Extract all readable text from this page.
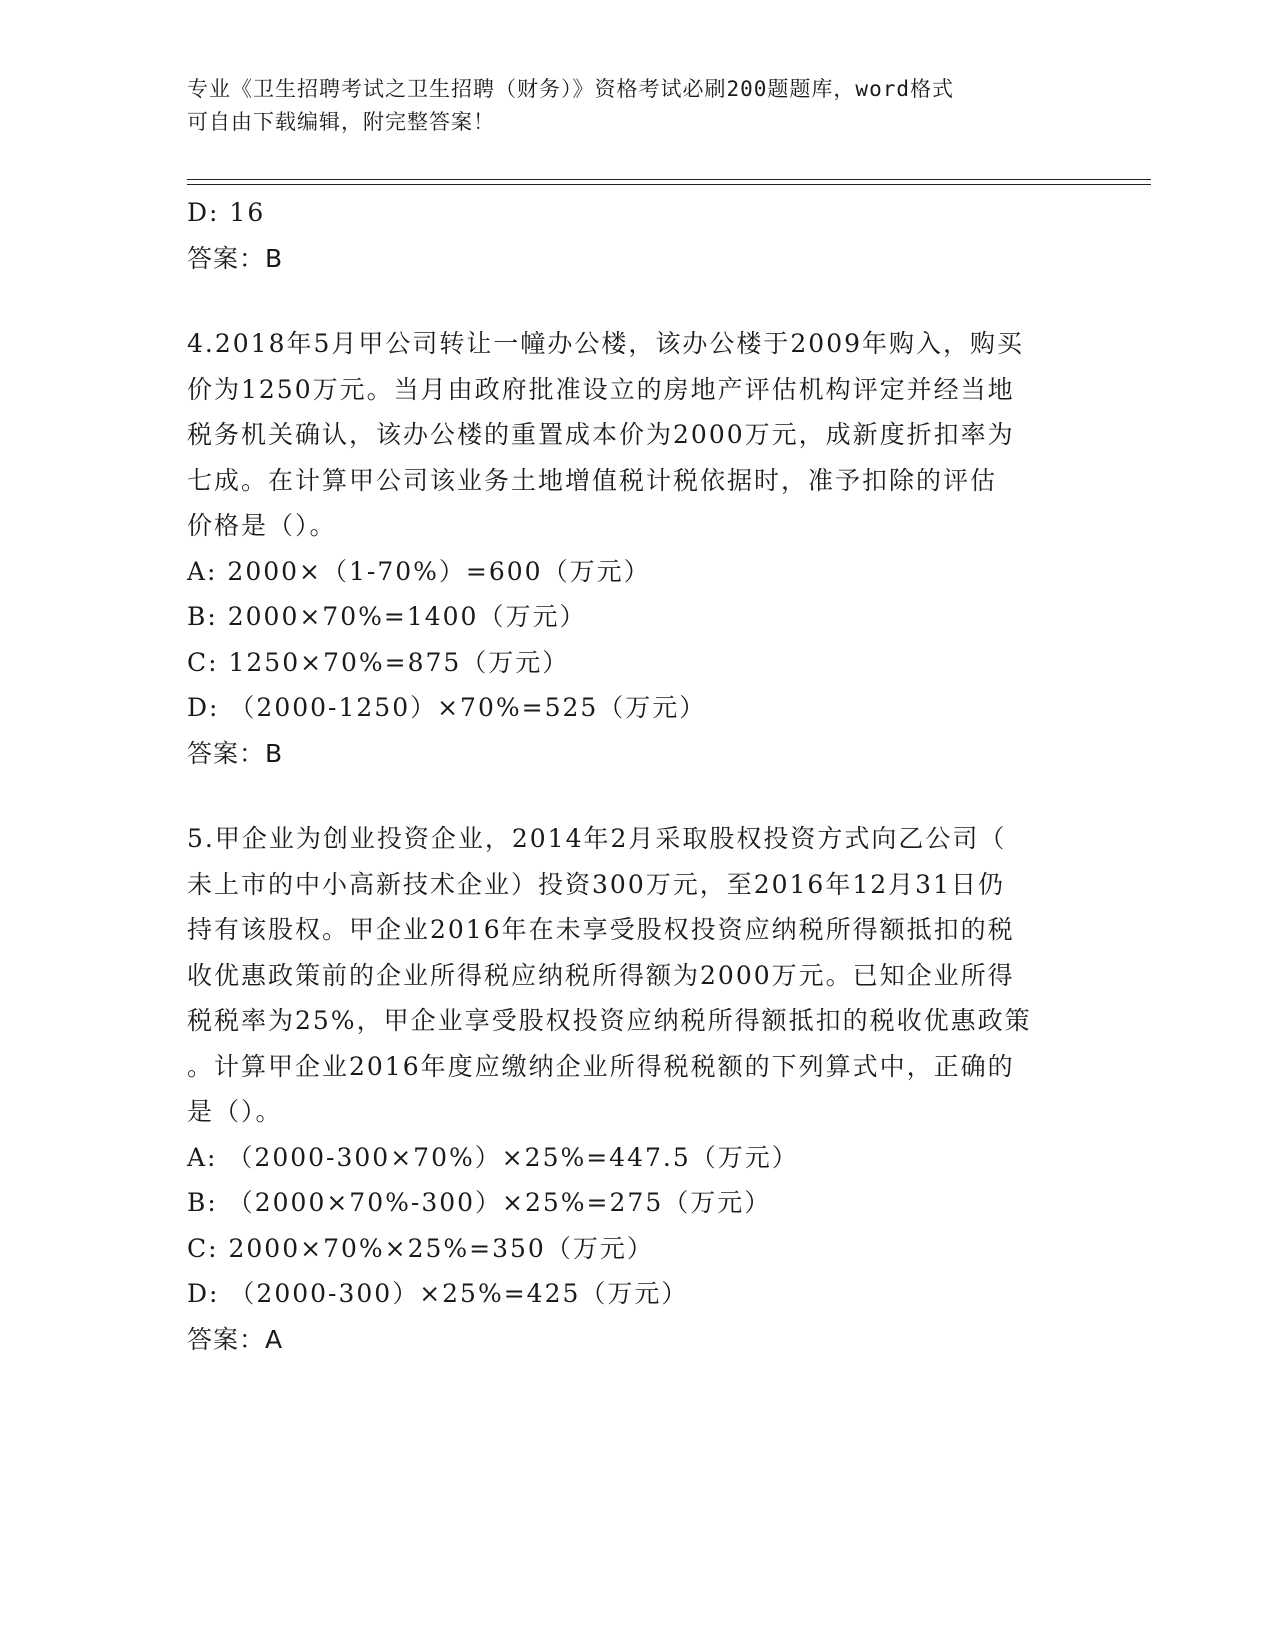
专业《卫生招聘考试之卫生招聘（财务）》资格考试必刷200题题库，word格式
可自由下载编辑，附完整答案！
D: 16
答案：B
4.2018年5月甲公司转让一幢办公楼，该办公楼于2009年购入，购买
价为1250万元。当月由政府批准设立的房地产评估机构评定并经当地
税务机关确认，该办公楼的重置成本价为2000万元，成新度折扣率为
七成。在计算甲公司该业务土地增值税计税依据时，准予扣除的评估
价格是（）。
A: 2000×（1-70%）=600（万元）
B: 2000×70%=1400（万元）
C: 1250×70%=875（万元）
D: （2000-1250）×70%=525（万元）
答案：B
5.甲企业为创业投资企业，2014年2月采取股权投资方式向乙公司（
未上市的中小高新技术企业）投资300万元，至2016年12月31日仍
持有该股权。甲企业2016年在未享受股权投资应纳税所得额抵扣的税
收优惠政策前的企业所得税应纳税所得额为2000万元。已知企业所得
税税率为25%，甲企业享受股权投资应纳税所得额抵扣的税收优惠政策
。计算甲企业2016年度应缴纳企业所得税税额的下列算式中，正确的
是（）。
A: （2000-300×70%）×25%=447.5（万元）
B: （2000×70%-300）×25%=275（万元）
C: 2000×70%×25%=350（万元）
D: （2000-300）×25%=425（万元）
答案：A
